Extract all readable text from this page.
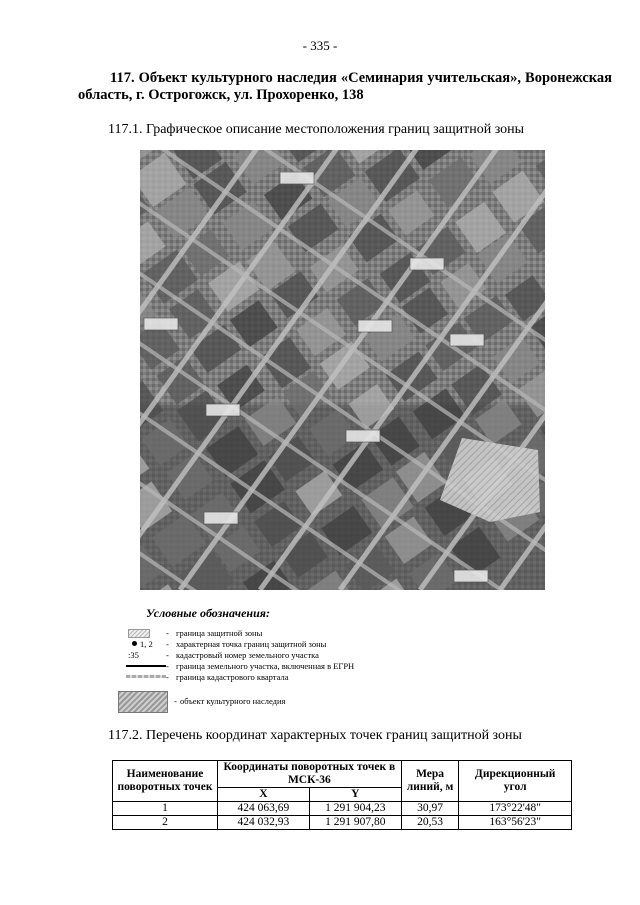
- 335 -
117. Объект культурного наследия «Семинария учительская», Воронежская область, г. Острогожск, ул. Прохоренко, 138
117.1. Графическое описание местоположения границ защитной зоны
Условные обозначения:
- граница защитной зоны
1, 2 - характерная точка границ защитной зоны
:35	- кадастровый номер земельного участка
- граница земельного участка, включенная в ЕГРН
- граница кадастрового квартала
- объект культурного наследия
117.2. Перечень координат характерных точек границ защитной зоны
Наименование поворотных точек	Координаты поворотных точек в МСК-36		Мера линий, м	Дирекционный угол
	X	Y		
1	424 063,69	1 291 904,23	30,97	173°22'48"
2	424 032,93	1 291 907,80	20,53	163°56'23"
